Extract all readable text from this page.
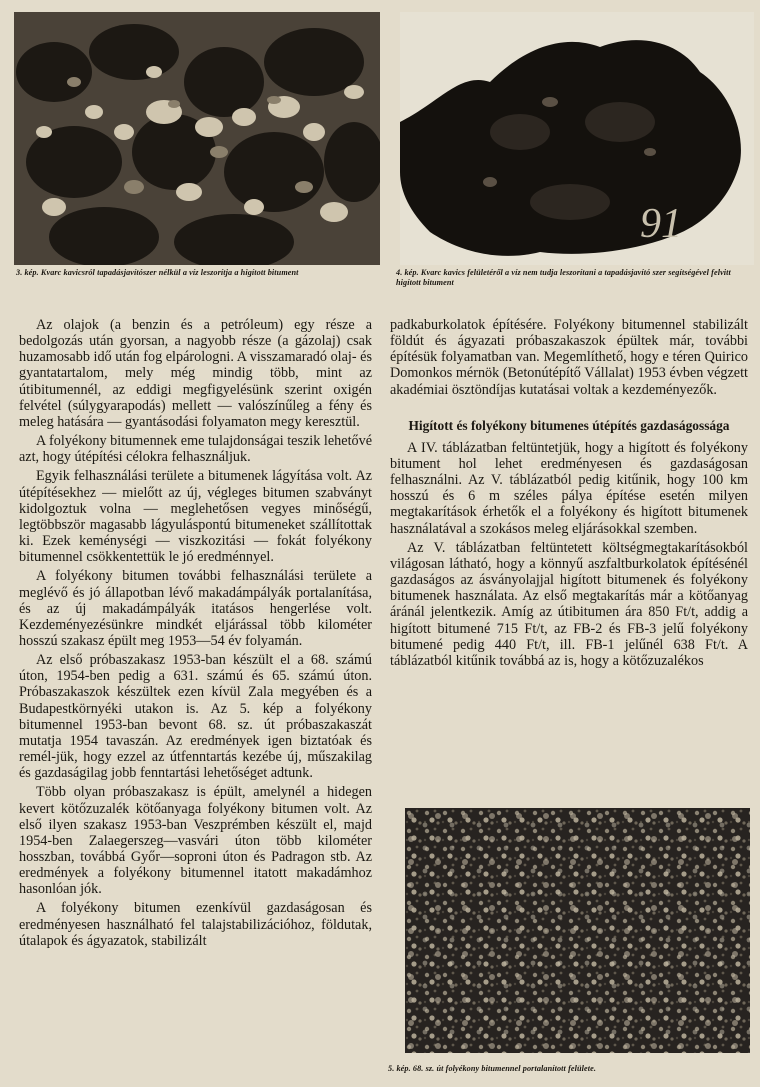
91
3. kép. Kvarc kavicsról tapadásjavítószer nélkül a víz leszorítja a higított bitument	4. kép. Kvarc kavics felületéről a víz nem tudja leszorítani a tapadásjavító szer segítségével felvitt higított bitument

Az olajok (a benzin és a petróleum) egy része a bedolgozás után gyorsan, a nagyobb része (a gázolaj) csak huzamosabb idő után fog elpárologni. A visszamaradó olaj- és gyantatartalom, mely még mindig több, mint az útibitumennél, az eddigi megfigyelésünk szerint oxigén felvétel (súlygyarapodás) mellett — valószínűleg a fény és meleg hatására — gyantásodási folyamaton megy keresztül.

A folyékony bitumennek eme tulajdonságai teszik lehetővé azt, hogy útépítési célokra felhasználjuk.

Egyik felhasználási területe a bitumenek lágyítása volt. Az útépítésekhez — mielőtt az új, végleges bitumen szabványt kidolgoztuk volna — meglehetősen vegyes minőségű, legtöbbször magasabb lágyuláspontú bitumeneket szállítottak ki. Ezek keménységi — viszkozitási — fokát folyékony bitumennel csökkentettük le jó eredménnyel.

A folyékony bitumen további felhasználási területe a meglévő és jó állapotban lévő makadámpályák portalanítása, és az új makadámpályák itatásos hengerlése volt. Kezdeményezésünkre mindkét eljárással több kilométer hosszú szakasz épült meg 1953—54 év folyamán.

Az első próbaszakasz 1953-ban készült el a 68. számú úton, 1954-ben pedig a 631. számú és 65. számú úton. Próbaszakaszok készültek ezen kívül Zala megyében és a Budapestkörnyéki utakon is. Az 5. kép a folyékony bitumennel 1953-ban bevont 68. sz. út próbaszakaszát mutatja 1954 tavaszán. Az eredmények igen biztatóak és remél-jük, hogy ezzel az útfenntartás kezébe új, műszakilag és gazdaságilag jobb fenntartási lehetőséget adtunk.

Több olyan próbaszakasz is épült, amelynél a hidegen kevert kötőzuzalék kötőanyaga folyékony bitumen volt. Az első ilyen szakasz 1953-ban Veszprémben készült el, majd 1954-ben Zalaegerszeg—vasvári úton több kilométer hosszban, továbbá Győr—soproni úton és Padragon stb. Az eredmények a folyékony bitumennel itatott makadámhoz hasonlóan jók.

A folyékony bitumen ezenkívül gazdaságosan és eredményesen használható fel talajstabilizációhoz, földutak, útalapok és ágyazatok, stabilizált

padkaburkolatok építésére. Folyékony bitumennel stabilizált földút és ágyazati próbaszakaszok épültek már, további építésük folyamatban van. Megemlíthető, hogy e téren Quirico Domonkos mérnök (Betonútépítő Vállalat) 1953 évben végzett akadémiai ösztöndíjas kutatásai voltak a kezdeményezők.

Higított és folyékony bitumenes útépítés gazdaságossága

A IV. táblázatban feltüntetjük, hogy a higított és folyékony bitument hol lehet eredményesen és gazdaságosan felhasználni. Az V. táblázatból pedig kitűnik, hogy 100 km hosszú és 6 m széles pálya építése esetén milyen megtakarítások érhetők el a folyékony és higított bitumenek használatával a szokásos meleg eljárásokkal szemben.

Az V. táblázatban feltüntetett költségmegtakarításokból világosan látható, hogy a könnyű aszfaltburkolatok építésénél gazdaságos az ásványolajjal higított bitumenek és folyékony bitumenek használata. Az első megtakarítás már a kötőanyag áránál jelentkezik. Amíg az útibitumen ára 850 Ft/t, addig a higított bitumené 715 Ft/t, az FB-2 és FB-3 jelű folyékony bitumené pedig 440 Ft/t, ill. FB-1 jelűnél 638 Ft/t. A táblázatból kitűnik továbbá az is, hogy a kötőzuzalékos

5. kép. 68. sz. út folyékony bitumennel portalanított felülete.
